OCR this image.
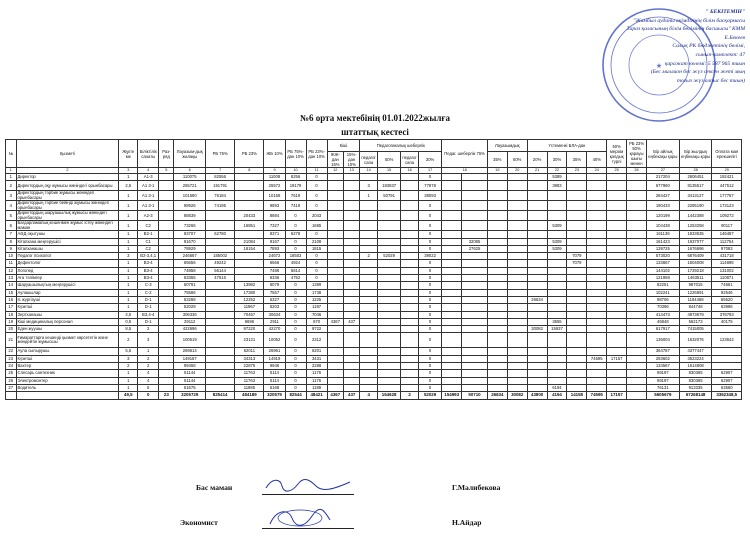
★
" БЕКІТЕМІН"
"Жамбыл ауданы әкімдігінің білім басқармасы
Тараз қаласының білім бөлімінің басшысы" КММ
Е.Бекеев
Салық РК бюджетінің бөлімі,
сынып-комплект: 47
қаражат көлемі: 5 587 965 тиын
(Бес миллион бес жүз сексен жеті мың
тоғыз жүз алпыс бес тиын)
№6 орта мектебінің 01.01.2022жылға
штаттық кестесі
№	Қызметі	Жұкте ме	Біліктілік санаты	Раз-ряд	Лауазым-дық жалақы	РБ 75%	РБ 23%	ЖБ 10%	РБ 75%-дан 10%	РБ 23%-дан 10%	Кіші		Педагогикалық шеберлік				Педаг. шеберлік 75%		Лауазымдық		Үстеменкі БЛА-дан				50% мерзім қалдық түрлі	РБ 23% 50% қарауы шығы менен	Бір айлық еңбекақы қоры	Бір жылдық еңбекақы қоры	Оплата мая ерекшелігі
											ЖЖ-дан 15%	15%-дан 10%	педагог сапа	50%	педагог сапа	30%			35%	50%	20%	30%	35%	40%					
1	2	3	4	5	6	7	8	9	10	11	12	13	14	15	16	17	18		19	20	21	22	23	24	25	26	27	28	29
1	Директор	1	A1-3		110075	82556		11008	8256	0						0						5389					217204	2606451	192421
2	Директордың оқу жұмысы жөніндегі орынбасары	2,5	A1 3-1		255721	191791		25572	19179	0			3	183837		77878						3983					677960	8135517	447512
3	Директордың тәрбие жұмысы жөніндегі орынбасары	1	A1 3-1		101580	76184		10158	7619	0			1	50791		38093											284427	3413127	177767
4	Директордың тәрбие бейінді жұмысы жөніндегі орынбасары	1	A1 3-1		98926	74195		9893	7419	0						0											190433	2285190	173123
5	Директордың шаруашылық жұмысы жөніндегі орынбасары	1	A2-3		88839		20433	8884	0	2043						0											120199	1442388	109272
6	Бағдарламалық кешенмен жұмыс істеу жөніндегі маман	1	C2		73266		16851	7327	0	1685						0						5309					104438	1253258	90117
7	АӘД оқытушы	1	B2-1		83707	62780		8371	6278	0						0											161136	1933635	146487
8	Кітапхана меңгерушісі	1	C1		91670		21084	9167	0	2108						0		32085				5309					161423	1937077	112754
9	Кітапханашы	1	C2		78929		18154	7893	0	1815						0		27625				5309					139725	1676696	97083
10	Педагог психолог	3	B2-3,4,1		246667	185002		24672	18503	0			2	52029		39022							7079				573020	6876409	431718
11	Дефектолог	1	B3-4		65656	49242		6566	4924	0						0							7079				133667	1604008	114898
12	Логопед	1	B3-4		74858	56144		7486	5614	0						0											144102	1729218	131002
13	Аға тәлімгер	1	B3-4		63355	47516		6336	4752	0						0											121958	1463511	110871
14	Шаруашылықтың меңгерушісі	1	C-3		60791		13982	6079	0	1399						0											82251	987015	74661
15	Аулашылар	1	C-2		75566		17380	7557	0	1738						0											102241	1226891	92546
16	Іс жүргізуші	1	D-1		53268		12252	5327	0	1225						0					26634						98706	1184468	65520
17	Күзетші	1	D-1		52029		11967	5203	0	1197						0											70396	844748	63996
18	Зертханашы	4,5	B3,4-4		306336		70457	30634	0	7046						0											414473	4973679	376793
19	Кіші медициналық персонал	0,5	D-1		29112		6696	2911	0	670	4367	437				0						3655					46848	562173	40175
20	Еден жуушы	8,5	2		422696		97220	42270	0	9722						0					30082	15937					617917	7415005	
21	Ғимараттарға кешенді қызмет көрсететін және жөндейтін жұмысшы	2	3		100519		23121	10052	0	2312						0											136004	1632076	123642
22	Аула сыпырушы	5,5	1		269614		62011	26961	0	6201						0											364787	4377447	
23	Күзетші	3	2		149187		34313	14919	0	3431						0								74595	17157		293602	3523224	
24	Вахтер	2	2		99458		22875	9946	0	2288						0											134567	1614808	
25	Слесарь сантехник	1	4		51144		11763	5114	0	1176						0											69197	830365	62907
26	Электромонтер	1	4		51144		11763	5114	0	1176						0											69197	830365	62907
27	Водитель	1	5		51675		11885	5168	0	1189						0						6194					76131	913335	63560
		49,5	0	23	3205729	825414	484189	320579	82544	48421	4367	437	4	154628	2	52029	154993	50710	26634	30082	43800	4194	14158	74595	17157		5605679	67268148	3362348,5
Бас маман	Г.Малибекова
Экономист	Н.Айдар
